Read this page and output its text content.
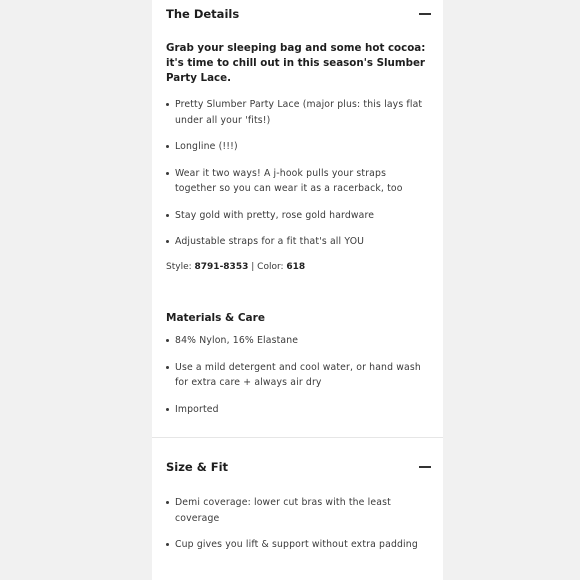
The Details
Grab your sleeping bag and some hot cocoa: it's time to chill out in this season's Slumber Party Lace.
Pretty Slumber Party Lace (major plus: this lays flat under all your 'fits!)
Longline (!!!)
Wear it two ways! A j-hook pulls your straps together so you can wear it as a racerback, too
Stay gold with pretty, rose gold hardware
Adjustable straps for a fit that's all YOU
Style: 8791-8353 | Color: 618
Materials & Care
84% Nylon, 16% Elastane
Use a mild detergent and cool water, or hand wash for extra care + always air dry
Imported
Size & Fit
Demi coverage: lower cut bras with the least coverage
Cup gives you lift & support without extra padding
